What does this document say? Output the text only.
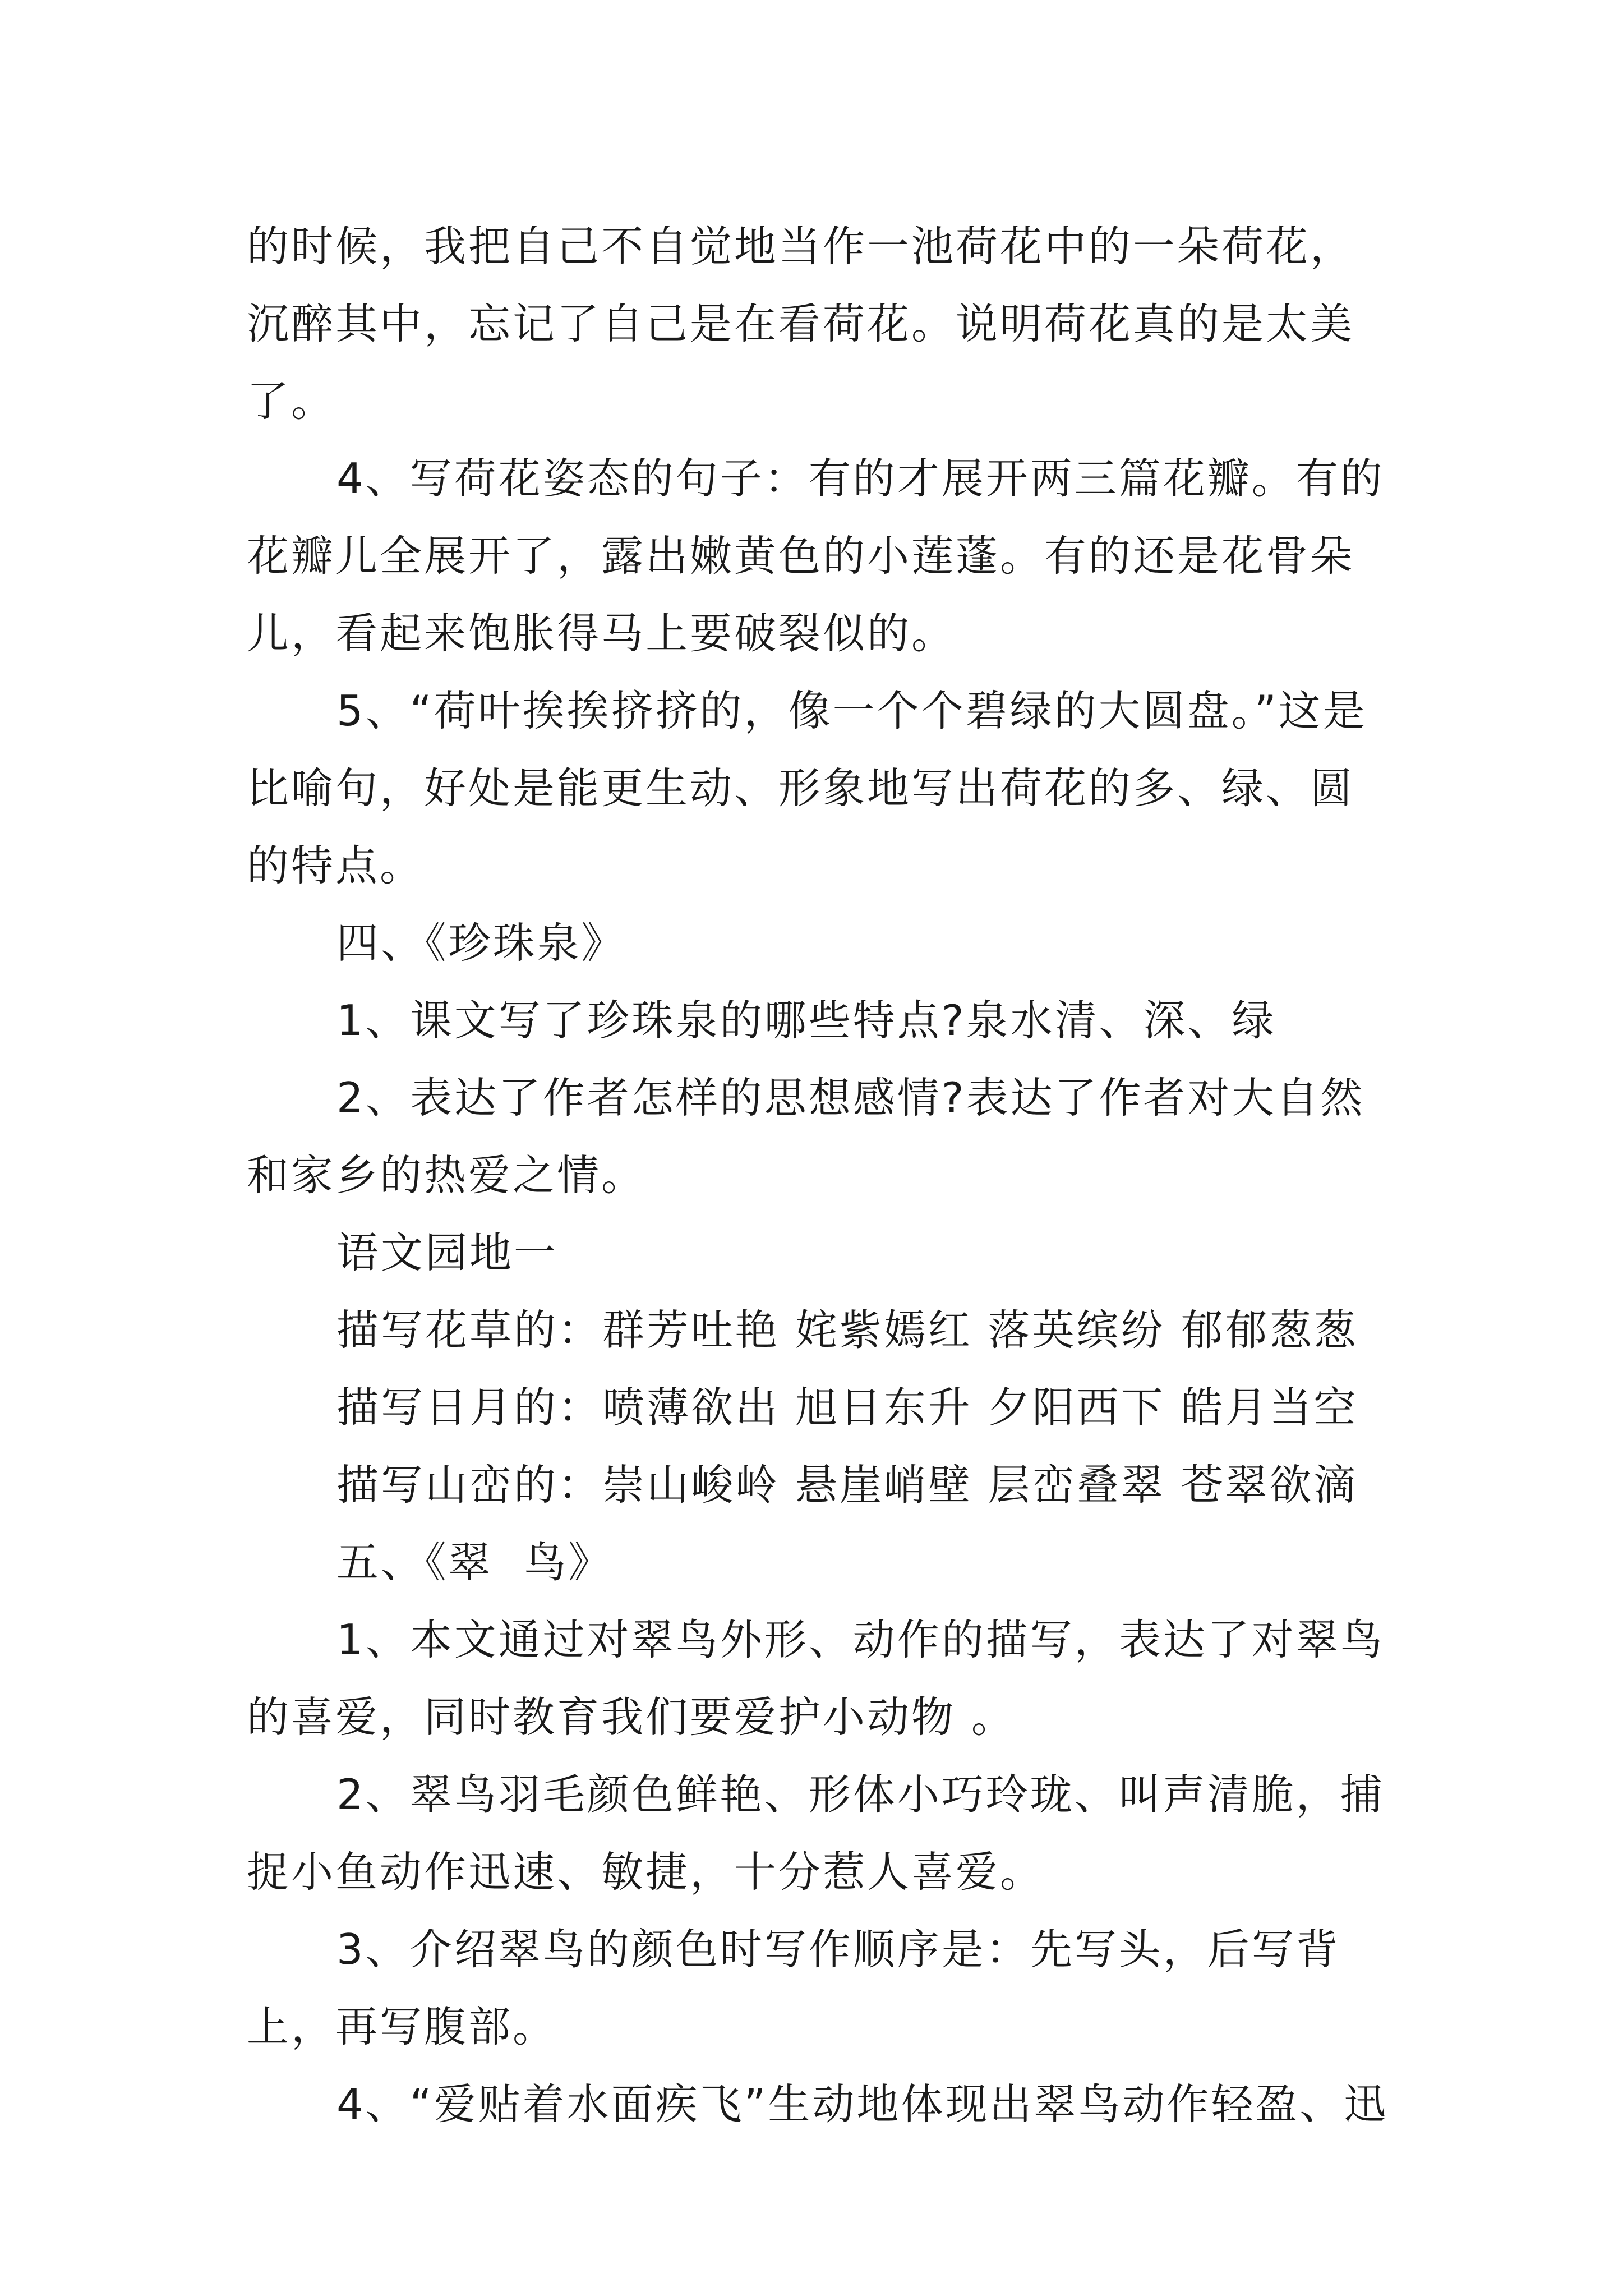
的时候，我把自己不自觉地当作一池荷花中的一朵荷花，沉醉其中，忘记了自己是在看荷花。说明荷花真的是太美了。

4、写荷花姿态的句子：有的才展开两三篇花瓣。有的花瓣儿全展开了，露出嫩黄色的小莲蓬。有的还是花骨朵儿，看起来饱胀得马上要破裂似的。

5、“荷叶挨挨挤挤的，像一个个碧绿的大圆盘。”这是比喻句，好处是能更生动、形象地写出荷花的多、绿、圆的特点。

四、《珍珠泉》

1、课文写了珍珠泉的哪些特点?泉水清、深、绿

2、表达了作者怎样的思想感情?表达了作者对大自然和家乡的热爱之情。

语文园地一

描写花草的：群芳吐艳 姹紫嫣红 落英缤纷 郁郁葱葱

描写日月的：喷薄欲出 旭日东升 夕阳西下 皓月当空

描写山峦的：崇山峻岭 悬崖峭壁 层峦叠翠 苍翠欲滴

五、《翠  鸟》

1、本文通过对翠鸟外形、动作的描写，表达了对翠鸟的喜爱，同时教育我们要爱护小动物 。

2、翠鸟羽毛颜色鲜艳、形体小巧玲珑、叫声清脆，捕捉小鱼动作迅速、敏捷，十分惹人喜爱。

3、介绍翠鸟的颜色时写作顺序是：先写头，后写背上，再写腹部。

4、“爱贴着水面疾飞”生动地体现出翠鸟动作轻盈、迅
